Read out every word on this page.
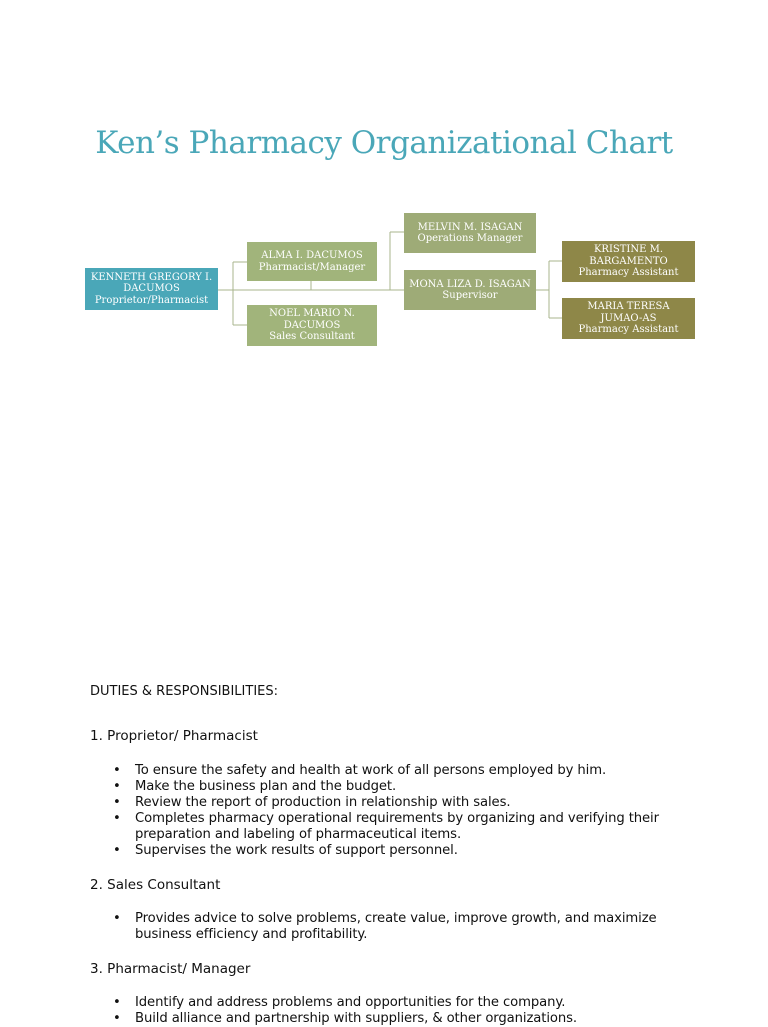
Ken’s Pharmacy Organizational Chart
KENNETH GREGORY I. DACUMOS
Proprietor/Pharmacist
ALMA I. DACUMOS
Pharmacist/Manager
NOEL MARIO N. DACUMOS
Sales Consultant
MELVIN M. ISAGAN
Operations Manager
MONA LIZA D. ISAGAN
Supervisor
KRISTINE M. BARGAMENTO
Pharmacy Assistant
MARIA TERESA JUMAO-AS
Pharmacy Assistant
DUTIES & RESPONSIBILITIES:
1. Proprietor/ Pharmacist
• To ensure the safety and health at work of all persons employed by him.
• Make the business plan and the budget.
• Review the report of production in relationship with sales.
• Completes pharmacy operational requirements by organizing and verifying their preparation and labeling of pharmaceutical items.
• Supervises the work results of support personnel.
2. Sales Consultant
• Provides advice to solve problems, create value, improve growth, and maximize business efficiency and profitability.
3. Pharmacist/ Manager
• Identify and address problems and opportunities for the company.
• Build alliance and partnership with suppliers, & other organizations.
